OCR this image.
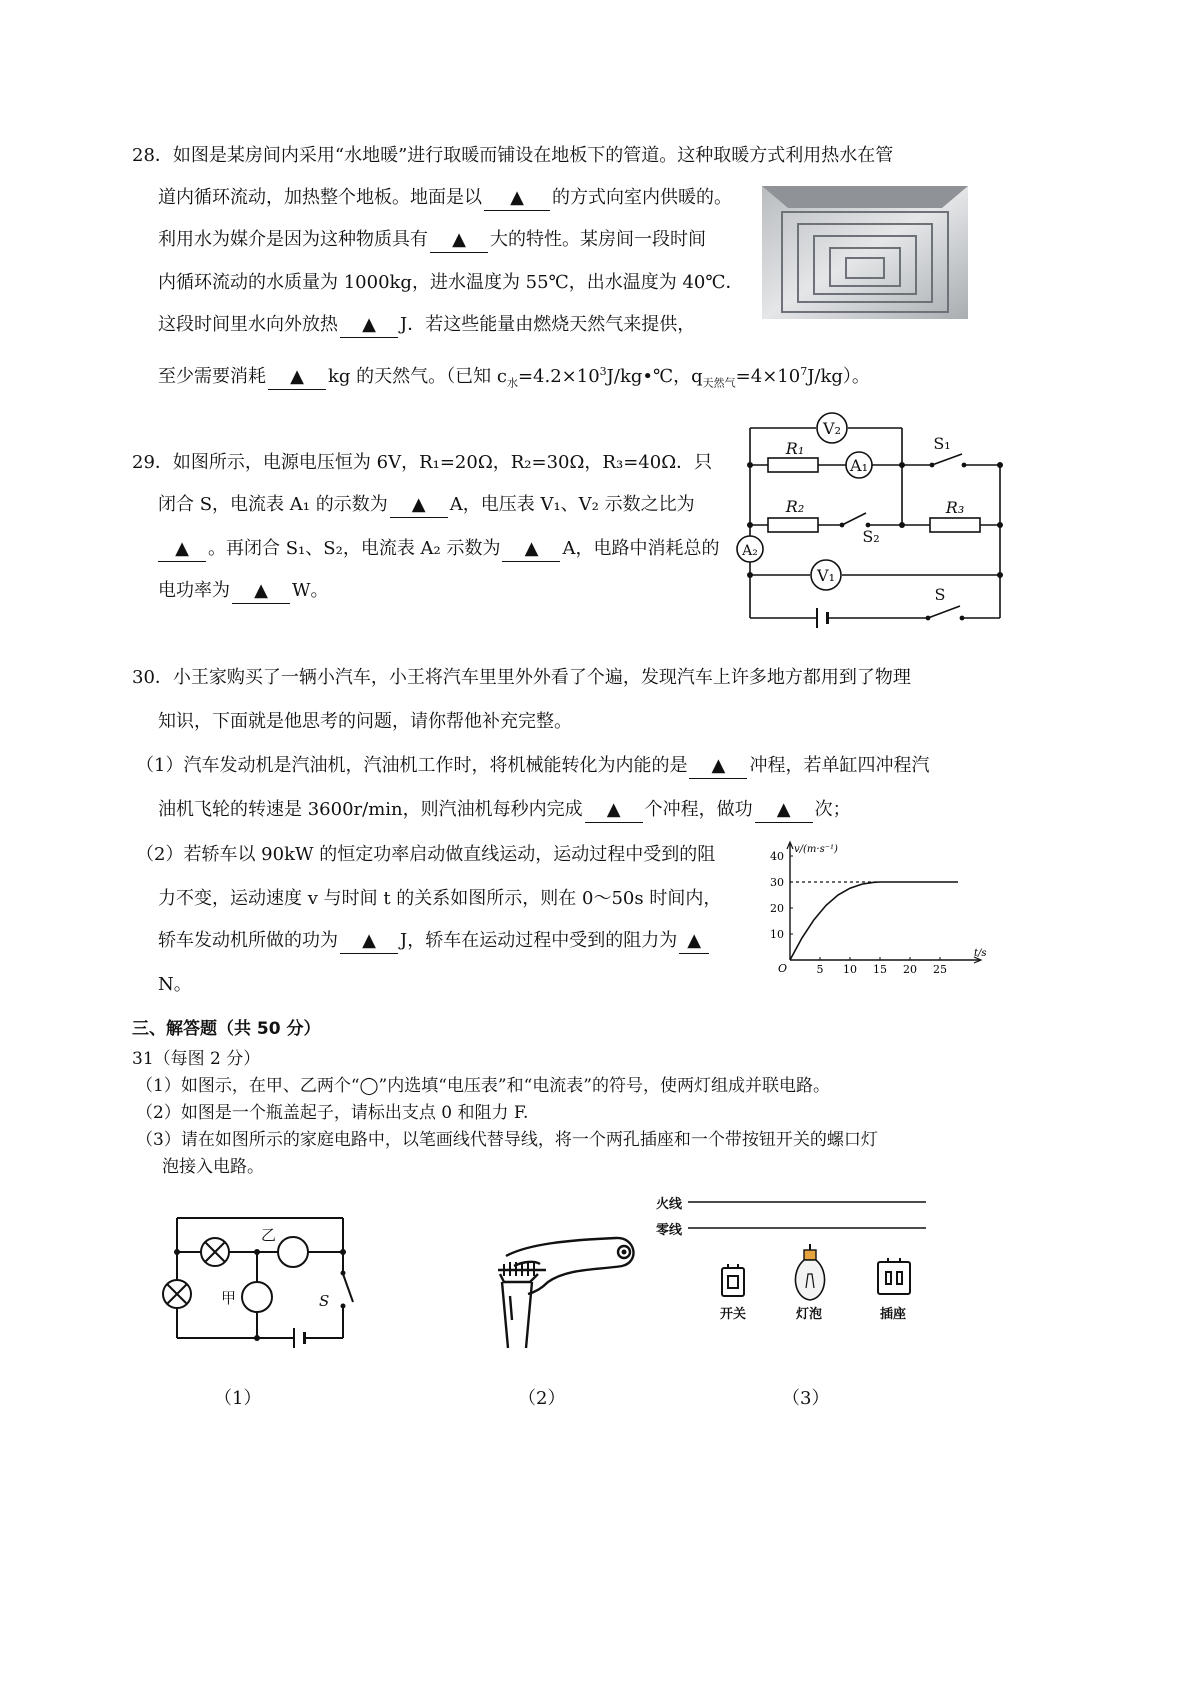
28．如图是某房间内采用“水地暖”进行取暖而铺设在地板下的管道。这种取暖方式利用热水在管
道内循环流动，加热整个地板。地面是以 ▲ 的方式向室内供暖的。
利用水为媒介是因为这种物质具有 ▲ 大的特性。某房间一段时间
内循环流动的水质量为 1000kg，进水温度为 55℃，出水温度为 40℃．
这段时间里水向外放热 ▲ J．若这些能量由燃烧天然气来提供，
至少需要消耗 ▲ kg 的天然气。（已知 $c_水=4.2\times 10^3J/kg•℃$，$q_{天然气}=4\times 10^7J/kg$）。
29．如图所示，电源电压恒为 6V，R₁=20Ω，R₂=30Ω，R₃=40Ω．只
闭合 S，电流表 A₁ 的示数为 ▲ A，电压表 V₁、V₂ 示数之比为
▲ 。再闭合 S₁、S₂，电流表 A₂ 示数为 ▲ A，电路中消耗总的
电功率为 ▲ W。
V₂
R₁
A₁
S₁
R₂
S₂
R₃
A₂
V₁
S
30．小王家购买了一辆小汽车，小王将汽车里里外外看了个遍，发现汽车上许多地方都用到了物理
知识，下面就是他思考的问题，请你帮他补充完整。
（1）汽车发动机是汽油机，汽油机工作时，将机械能转化为内能的是 ▲ 冲程，若单缸四冲程汽
油机飞轮的转速是 3600r/min，则汽油机每秒内完成 ▲ 个冲程，做功 ▲ 次；
（2）若轿车以 90kW 的恒定功率启动做直线运动，运动过程中受到的阻
力不变，运动速度 v 与时间 t 的关系如图所示，则在 0～50s 时间内，
轿车发动机所做的功为 ▲ J，轿车在运动过程中受到的阻力为 ▲
N。
v/(m·s⁻¹)
t/s
O	5 10 15 20 25
10
20
30
40
三、解答题（共 50 分）
31（每图 2 分）
（1）如图示，在甲、乙两个“◯”内选填“电压表”和“电流表”的符号，使两灯组成并联电路。
（2）如图是一个瓶盖起子，请标出支点 0 和阻力 F.
（3）请在如图所示的家庭电路中，以笔画线代替导线，将一个两孔插座和一个带按钮开关的螺口灯
泡接入电路。
乙
甲	S
（1）	（2）
火线
零线
开关	灯泡	插座
（3）
